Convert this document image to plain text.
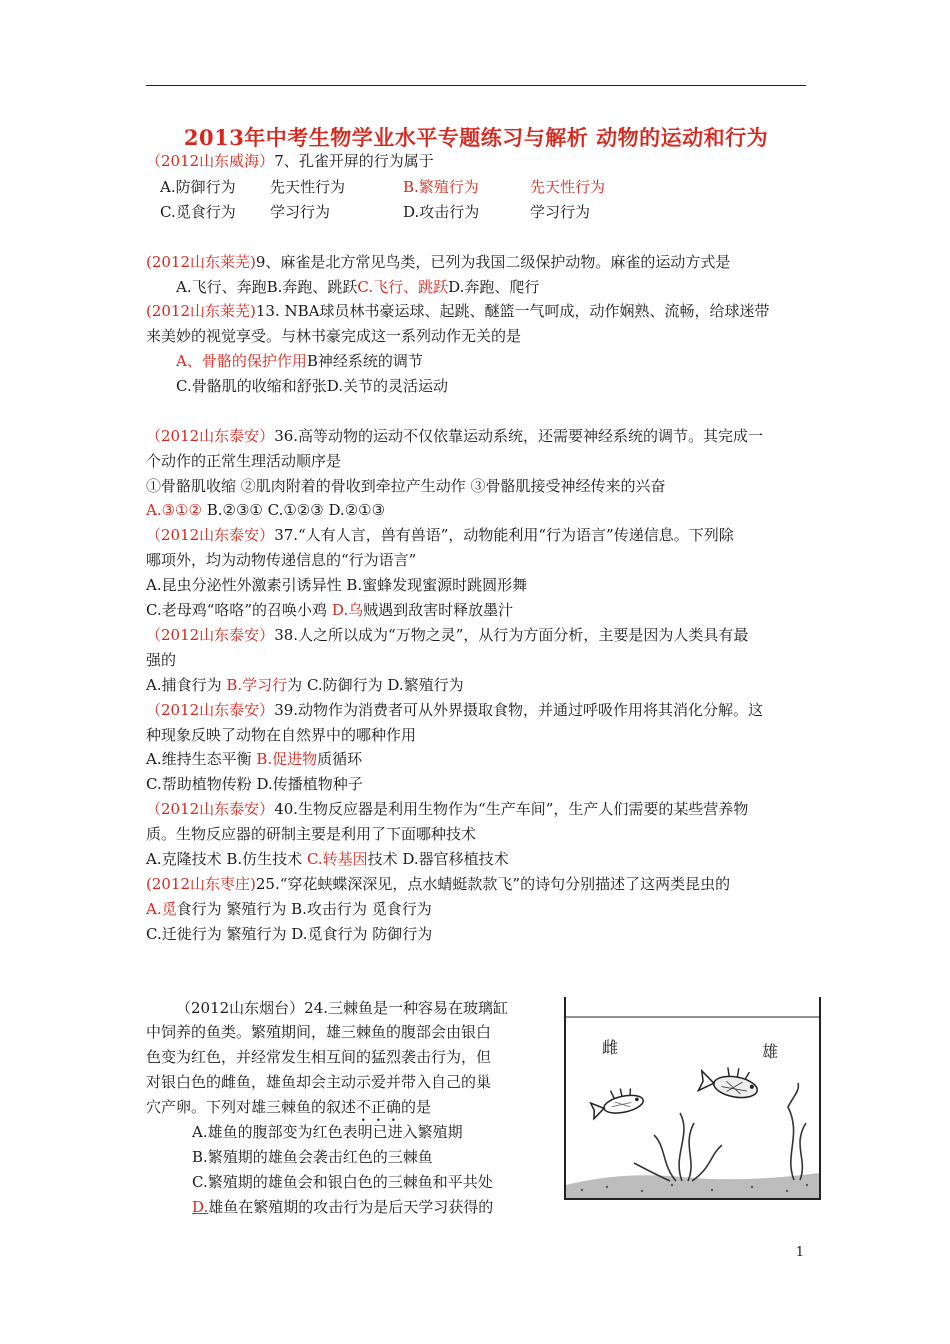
2013年中考生物学业水平专题练习与解析 动物的运动和行为
（2012山东威海）7、孔雀开屏的行为属于
A.防御行为 先天性行为	B.繁殖行为	先天性行为
C.觅食行为 学习行为	D.攻击行为	学习行为
(2012山东莱芜)9、麻雀是北方常见鸟类，已列为我国二级保护动物。麻雀的运动方式是
A.飞行、奔跑B.奔跑、跳跃C.飞行、跳跃D.奔跑、爬行
(2012山东莱芜)13. NBA球员林书豪运球、起跳、醚篮一气呵成，动作娴熟、流畅，给球迷带
来美妙的视觉享受。与林书豪完成这一系列动作无关的是
A、骨骼的保护作用B神经系统的调节
C.骨骼肌的收缩和舒张D.关节的灵活运动
（2012山东泰安）36.高等动物的运动不仅依靠运动系统，还需要神经系统的调节。其完成一
个动作的正常生理活动顺序是
①骨骼肌收缩 ②肌肉附着的骨收到牵拉产生动作 ③骨骼肌接受神经传来的兴奋
A.③①② B.②③① C.①②③ D.②①③
（2012山东泰安）37.“人有人言，兽有兽语”，动物能利用“行为语言”传递信息。下列除
哪项外，均为动物传递信息的“行为语言”
A.昆虫分泌性外激素引诱异性 B.蜜蜂发现蜜源时跳圆形舞
C.老母鸡“咯咯”的召唤小鸡 D.乌贼遇到敌害时释放墨汁
（2012山东泰安）38.人之所以成为“万物之灵”，从行为方面分析，主要是因为人类具有最
强的
A.捕食行为 B.学习行为 C.防御行为 D.繁殖行为
（2012山东泰安）39.动物作为消费者可从外界摄取食物，并通过呼吸作用将其消化分解。这
种现象反映了动物在自然界中的哪种作用
A.维持生态平衡 B.促进物质循环
C.帮助植物传粉 D.传播植物种子
（2012山东泰安）40.生物反应器是利用生物作为“生产车间”，生产人们需要的某些营养物
质。生物反应器的研制主要是利用了下面哪种技术
A.克隆技术 B.仿生技术 C.转基因技术 D.器官移植技术
(2012山东枣庄)25.“穿花蛱蝶深深见，点水蜻蜓款款飞”的诗句分别描述了这两类昆虫的
A.觅食行为 繁殖行为 B.攻击行为 觅食行为
C.迁徙行为 繁殖行为 D.觅食行为 防御行为
（2012山东烟台）24.三棘鱼是一种容易在玻璃缸
中饲养的鱼类。繁殖期间，雄三棘鱼的腹部会由银白
色变为红色，并经常发生相互间的猛烈袭击行为，但
对银白色的雌鱼，雄鱼却会主动示爱并带入自己的巢
穴产卵。下列对雄三棘鱼的叙述不正确的是
A.雄鱼的腹部变为红色表明已进入繁殖期
B.繁殖期的雄鱼会袭击红色的三棘鱼
C.繁殖期的雄鱼会和银白色的三棘鱼和平共处
D.雄鱼在繁殖期的攻击行为是后天学习获得的
雌	雄
1
